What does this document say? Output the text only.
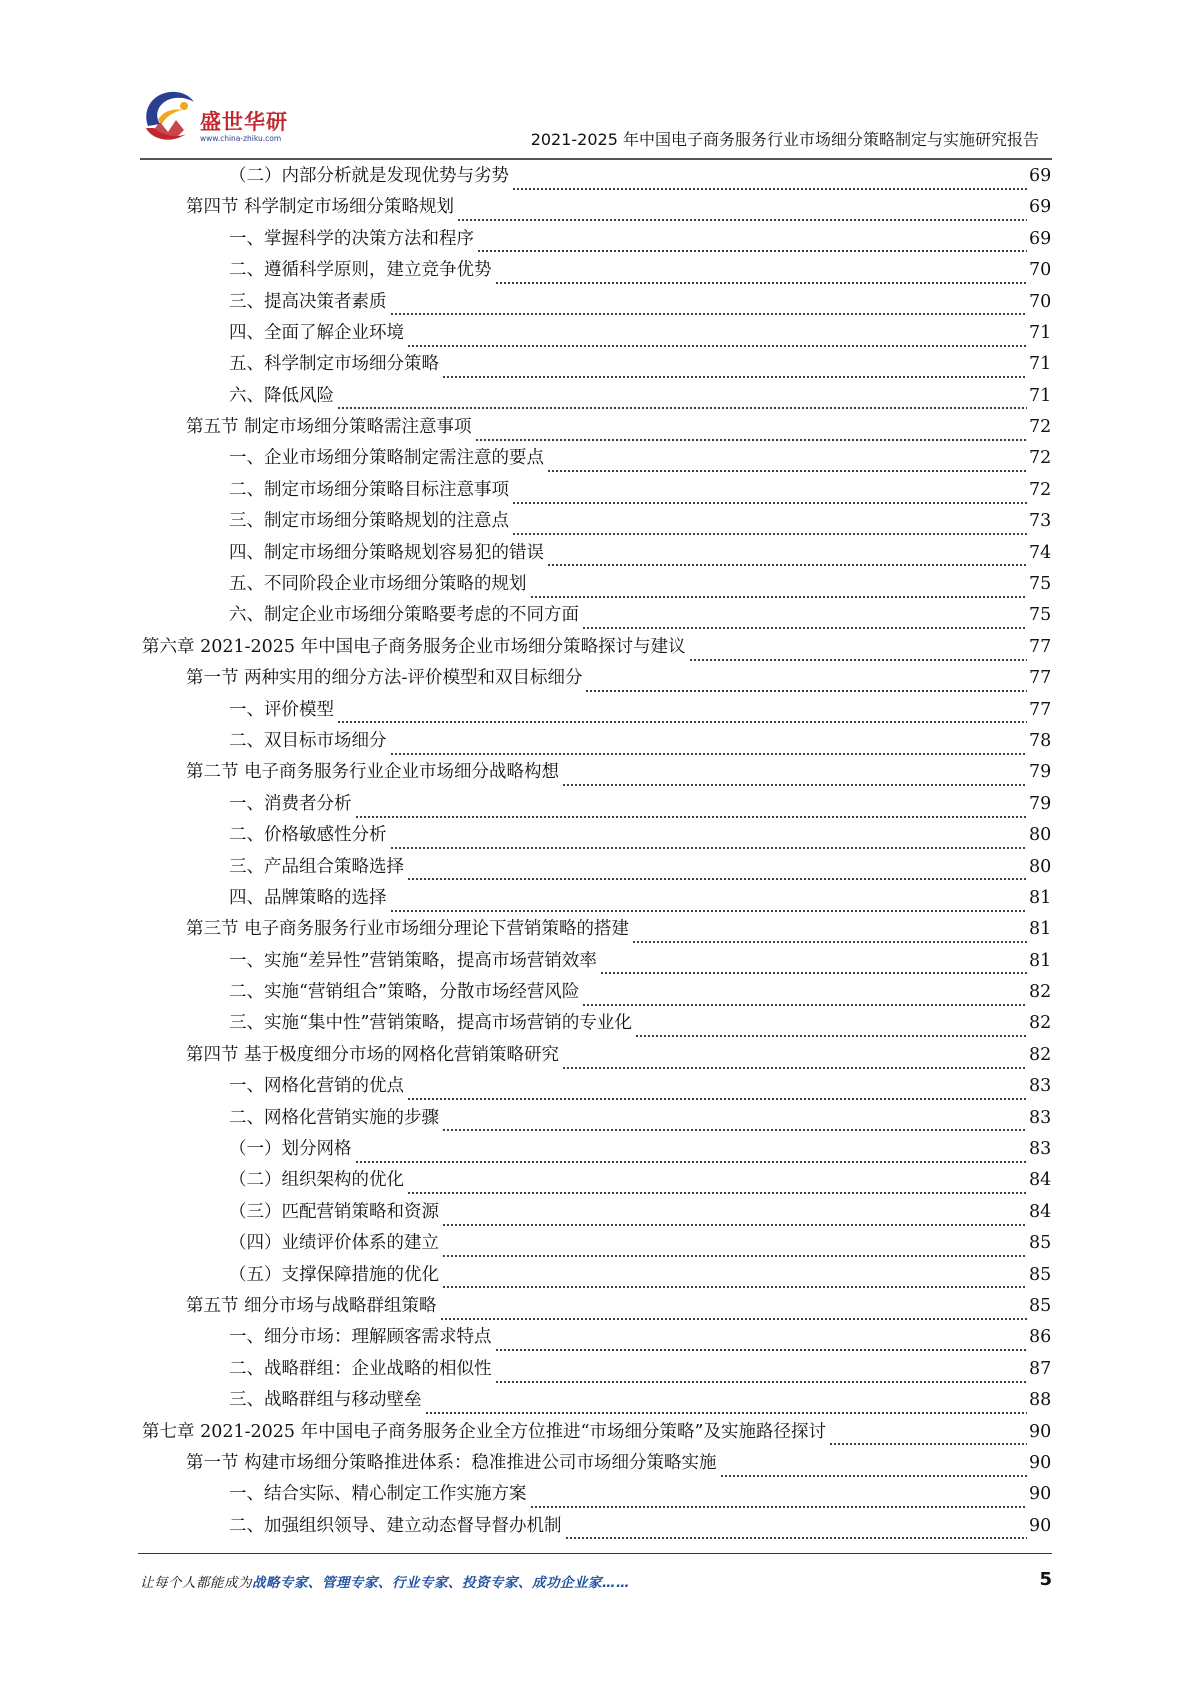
盛世华研
www.china-zhiku.com	2021-2025 年中国电子商务服务行业市场细分策略制定与实施研究报告
（二）内部分析就是发现优势与劣势	69
第四节 科学制定市场细分策略规划	69
一、掌握科学的决策方法和程序	69
二、遵循科学原则，建立竞争优势	70
三、提高决策者素质	70
四、全面了解企业环境	71
五、科学制定市场细分策略	71
六、降低风险	71
第五节 制定市场细分策略需注意事项	72
一、企业市场细分策略制定需注意的要点	72
二、制定市场细分策略目标注意事项	72
三、制定市场细分策略规划的注意点	73
四、制定市场细分策略规划容易犯的错误	74
五、不同阶段企业市场细分策略的规划	75
六、制定企业市场细分策略要考虑的不同方面	75
第六章 2021-2025 年中国电子商务服务企业市场细分策略探讨与建议	77
第一节 两种实用的细分方法-评价模型和双目标细分	77
一、评价模型	77
二、双目标市场细分	78
第二节 电子商务服务行业企业市场细分战略构想	79
一、消费者分析	79
二、价格敏感性分析	80
三、产品组合策略选择	80
四、品牌策略的选择	81
第三节 电子商务服务行业市场细分理论下营销策略的搭建	81
一、实施“差异性”营销策略，提高市场营销效率	81
二、实施“营销组合”策略，分散市场经营风险	82
三、实施“集中性”营销策略，提高市场营销的专业化	82
第四节 基于极度细分市场的网格化营销策略研究	82
一、网格化营销的优点	83
二、网格化营销实施的步骤	83
（一）划分网格	83
（二）组织架构的优化	84
（三）匹配营销策略和资源	84
（四）业绩评价体系的建立	85
（五）支撑保障措施的优化	85
第五节 细分市场与战略群组策略	85
一、细分市场：理解顾客需求特点	86
二、战略群组：企业战略的相似性	87
三、战略群组与移动壁垒	88
第七章 2021-2025 年中国电子商务服务企业全方位推进“市场细分策略”及实施路径探讨	90
第一节 构建市场细分策略推进体系：稳准推进公司市场细分策略实施	90
一、结合实际、精心制定工作实施方案	90
二、加强组织领导、建立动态督导督办机制	90
让每个人都能成为战略专家、管理专家、行业专家、投资专家、成功企业家……	5
